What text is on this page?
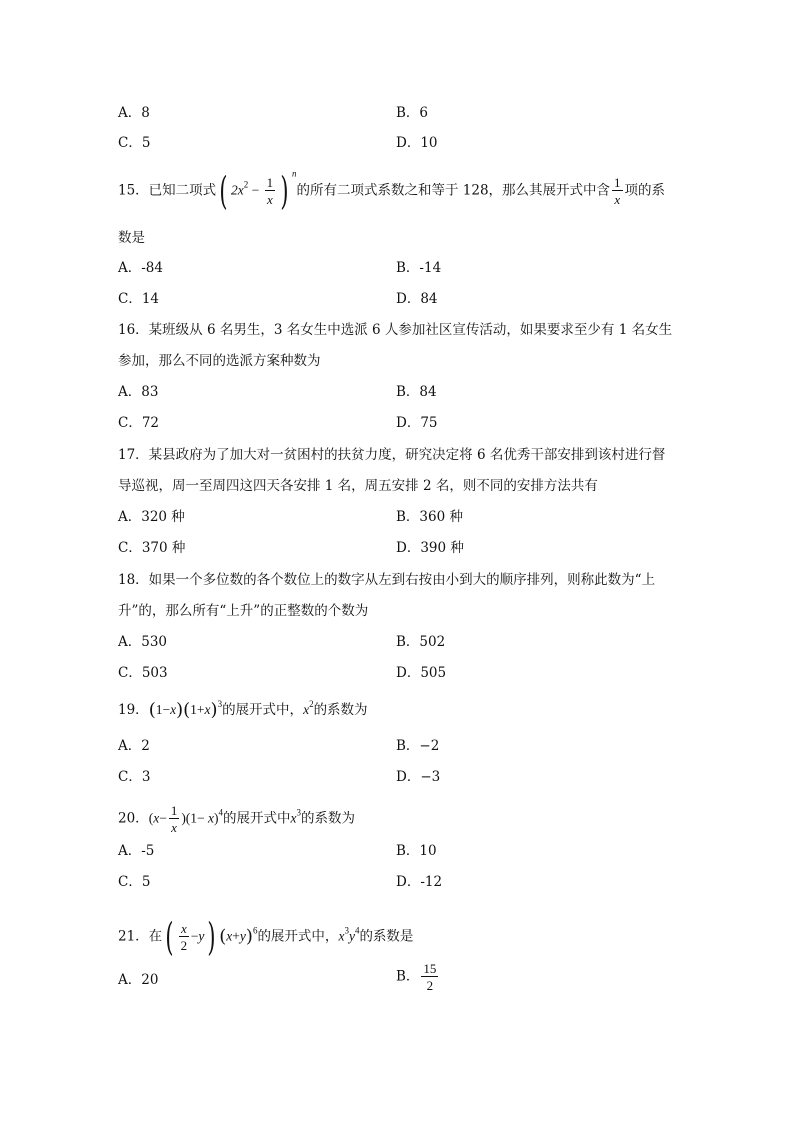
A．8	B．6
C．5	D．10
15．已知二项式( $2x^2 - \frac{1}{x}$ ) $^n$的所有二项式系数之和等于 128，那么其展开式中含 $\frac{1}{x}$ 项的系
数是
A．-84	B．-14
C．14	D．84
16．某班级从 6 名男生，3 名女生中选派 6 人参加社区宣传活动，如果要求至少有 1 名女生
参加，那么不同的选派方案种数为
A．83	B．84
C．72	D．75
17．某县政府为了加大对一贫困村的扶贫力度，研究决定将 6 名优秀干部安排到该村进行督
导巡视，周一至周四这四天各安排 1 名，周五安排 2 名，则不同的安排方法共有
A．320 种	B．360 种
C．370 种	D．390 种
18．如果一个多位数的各个数位上的数字从左到右按由小到大的顺序排列，则称此数为“上
升”的，那么所有“上升”的正整数的个数为
A．530	B．502
C．503	D．505
19．$(1-x)(1+x)^3$的展开式中，$x^2$的系数为
A．2	B．−2
C．3	D．−3
20．$(x- \frac{1}{x} )(1- x)^4$的展开式中$x^3$的系数为
A．-5	B．10
C．5	D．-12
21．在( $\frac{x}{2} -y$) $(x+y)^6$的展开式中，$x^3y^4$的系数是
A．20	B． $\frac{15}{2}$
